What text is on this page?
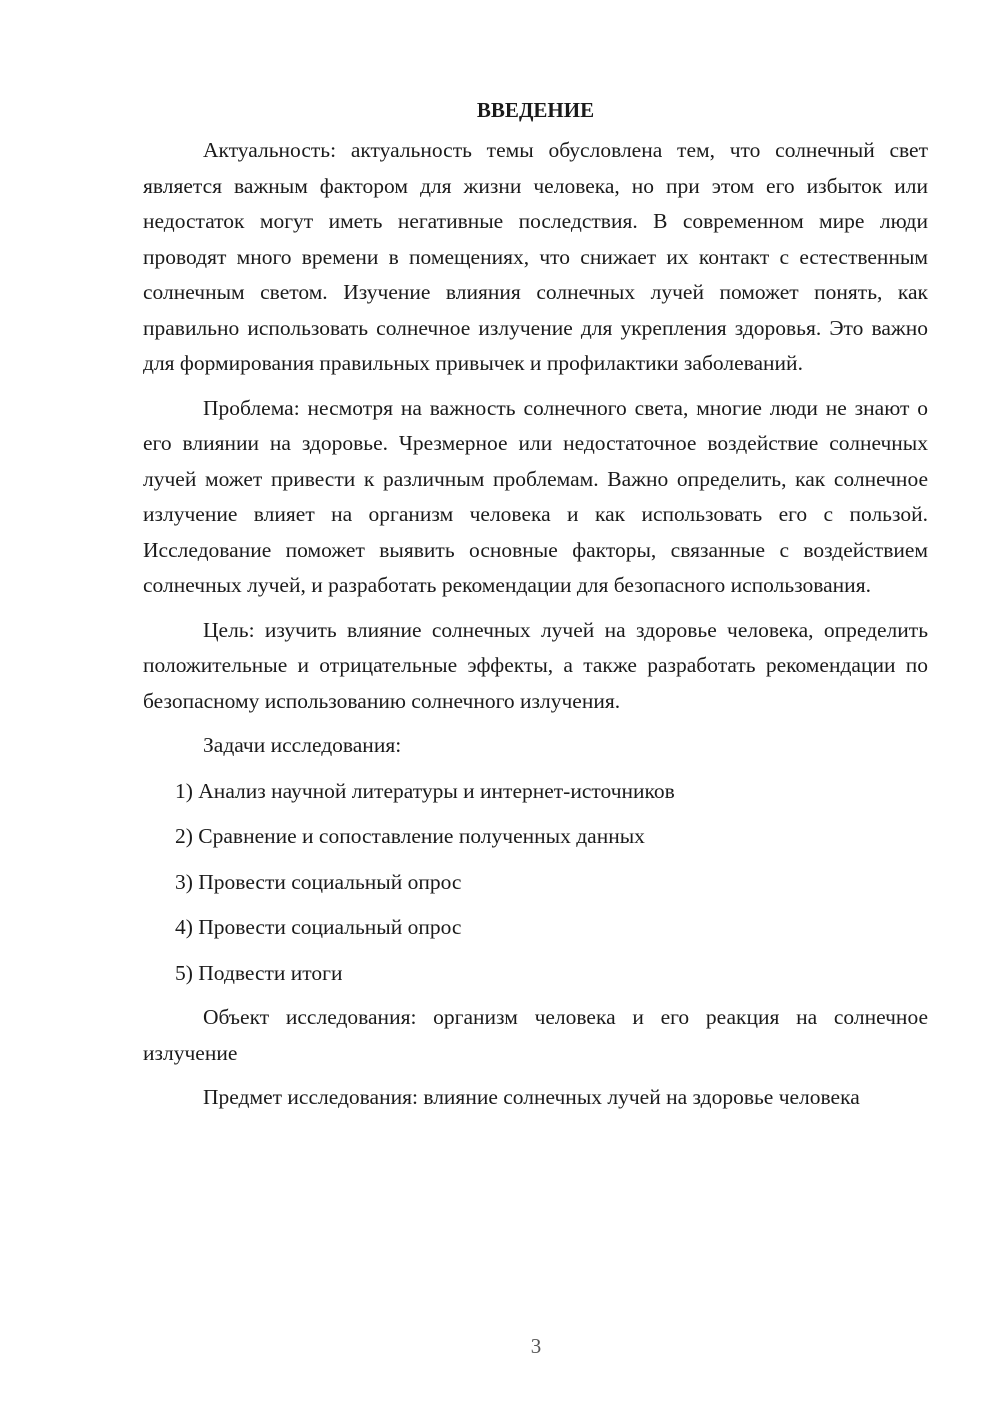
ВВЕДЕНИЕ

Актуальность: актуальность темы обусловлена тем, что солнечный свет является важным фактором для жизни человека, но при этом его избыток или недостаток могут иметь негативные последствия. В современном мире люди проводят много времени в помещениях, что снижает их контакт с естественным солнечным светом. Изучение влияния солнечных лучей поможет понять, как правильно использовать солнечное излучение для укрепления здоровья. Это важно для формирования правильных привычек и профилактики заболеваний.

Проблема: несмотря на важность солнечного света, многие люди не знают о его влиянии на здоровье. Чрезмерное или недостаточное воздействие солнечных лучей может привести к различным проблемам. Важно определить, как солнечное излучение влияет на организм человека и как использовать его с пользой. Исследование поможет выявить основные факторы, связанные с воздействием солнечных лучей, и разработать рекомендации для безопасного использования.

Цель: изучить влияние солнечных лучей на здоровье человека, определить положительные и отрицательные эффекты, а также разработать рекомендации по безопасному использованию солнечного излучения.

Задачи исследования:

1) Анализ научной литературы и интернет-источников
2) Сравнение и сопоставление полученных данных
3) Провести социальный опрос
4) Провести социальный опрос
5) Подвести итоги

Объект исследования: организм человека и его реакция на солнечное излучение

Предмет исследования: влияние солнечных лучей на здоровье человека

3
